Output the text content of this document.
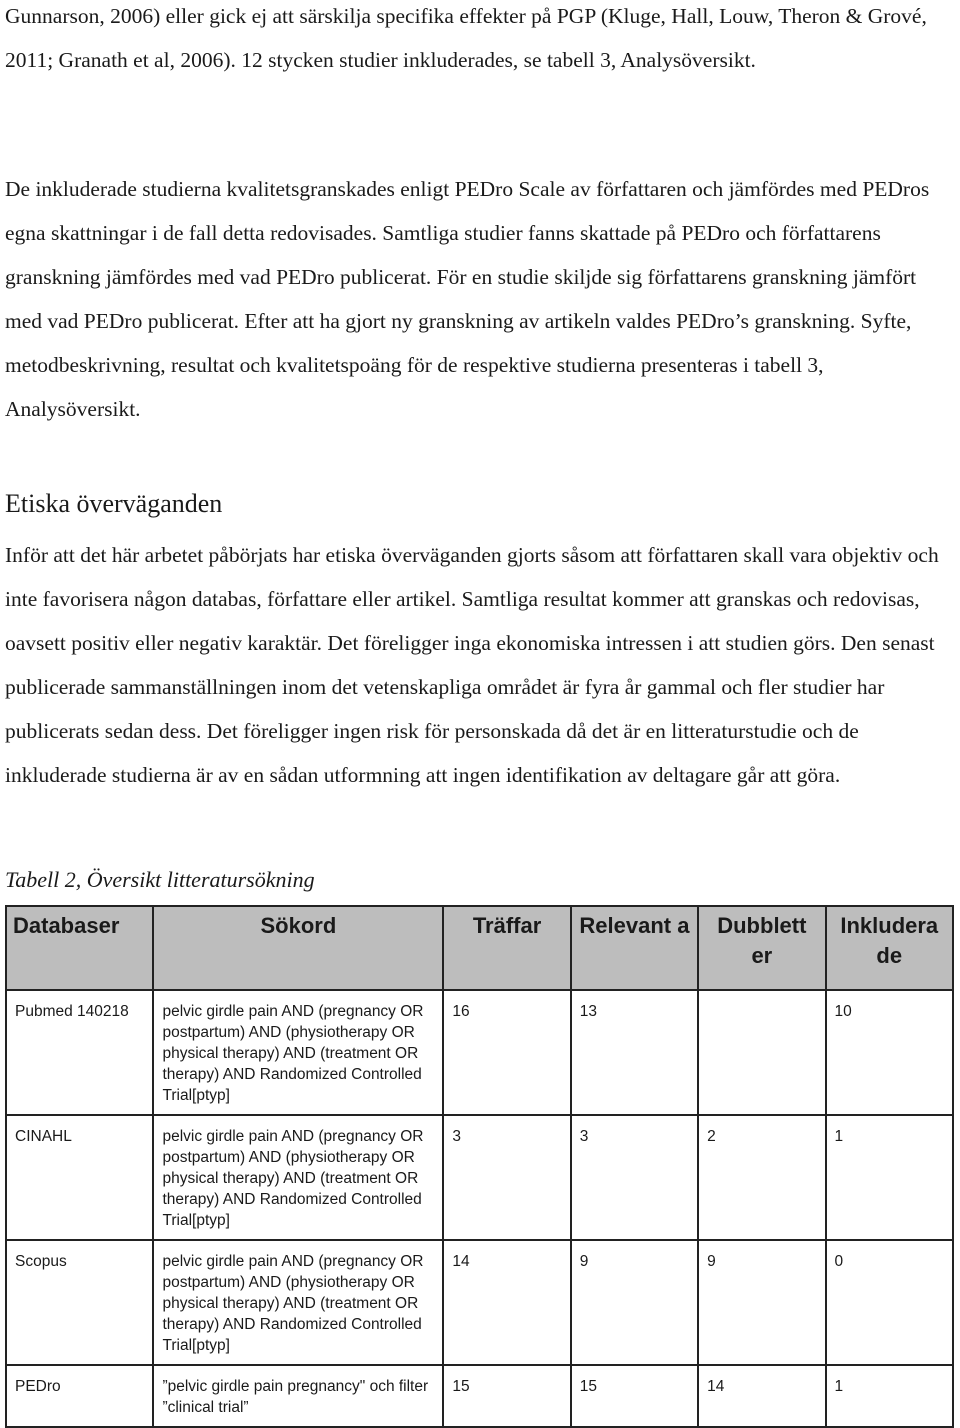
Gunnarson, 2006) eller gick ej att särskilja specifika effekter på PGP (Kluge, Hall, Louw, Theron & Grové, 2011; Granath et al, 2006). 12 stycken studier inkluderades, se tabell 3, Analysöversikt.

De inkluderade studierna kvalitetsgranskades enligt PEDro Scale av författaren och jämfördes med PEDros egna skattningar i de fall detta redovisades. Samtliga studier fanns skattade på PEDro och författarens granskning jämfördes med vad PEDro publicerat. För en studie skiljde sig författarens granskning jämfört med vad PEDro publicerat. Efter att ha gjort ny granskning av artikeln valdes PEDro’s granskning. Syfte, metodbeskrivning, resultat och kvalitetspoäng för de respektive studierna presenteras i tabell 3, Analysöversikt.

Etiska överväganden

Inför att det här arbetet påbörjats har etiska överväganden gjorts såsom att författaren skall vara objektiv och inte favorisera någon databas, författare eller artikel. Samtliga resultat kommer att granskas och redovisas, oavsett positiv eller negativ karaktär. Det föreligger inga ekonomiska intressen i att studien görs. Den senast publicerade sammanställningen inom det vetenskapliga området är fyra år gammal och fler studier har publicerats sedan dess. Det föreligger ingen risk för personskada då det är en litteraturstudie och de inkluderade studierna är av en sådan utformning att ingen identifikation av deltagare går att göra.

Tabell 2, Översikt litteratursökning

Databaser	Sökord	Träffar	Relevant a	Dubblett er	Inkludera de
Pubmed 140218	pelvic girdle pain AND (pregnancy OR postpartum) AND (physiotherapy OR physical therapy) AND (treatment OR therapy) AND Randomized Controlled Trial[ptyp]	16	13		10
CINAHL	pelvic girdle pain AND (pregnancy OR postpartum) AND (physiotherapy OR physical therapy) AND (treatment OR therapy) AND Randomized Controlled Trial[ptyp]	3	3	2	1
Scopus	pelvic girdle pain AND (pregnancy OR postpartum) AND (physiotherapy OR physical therapy) AND (treatment OR therapy) AND Randomized Controlled Trial[ptyp]	14	9	9	0
PEDro	”pelvic girdle pain pregnancy" och filter ”clinical trial”	15	15	14	1
